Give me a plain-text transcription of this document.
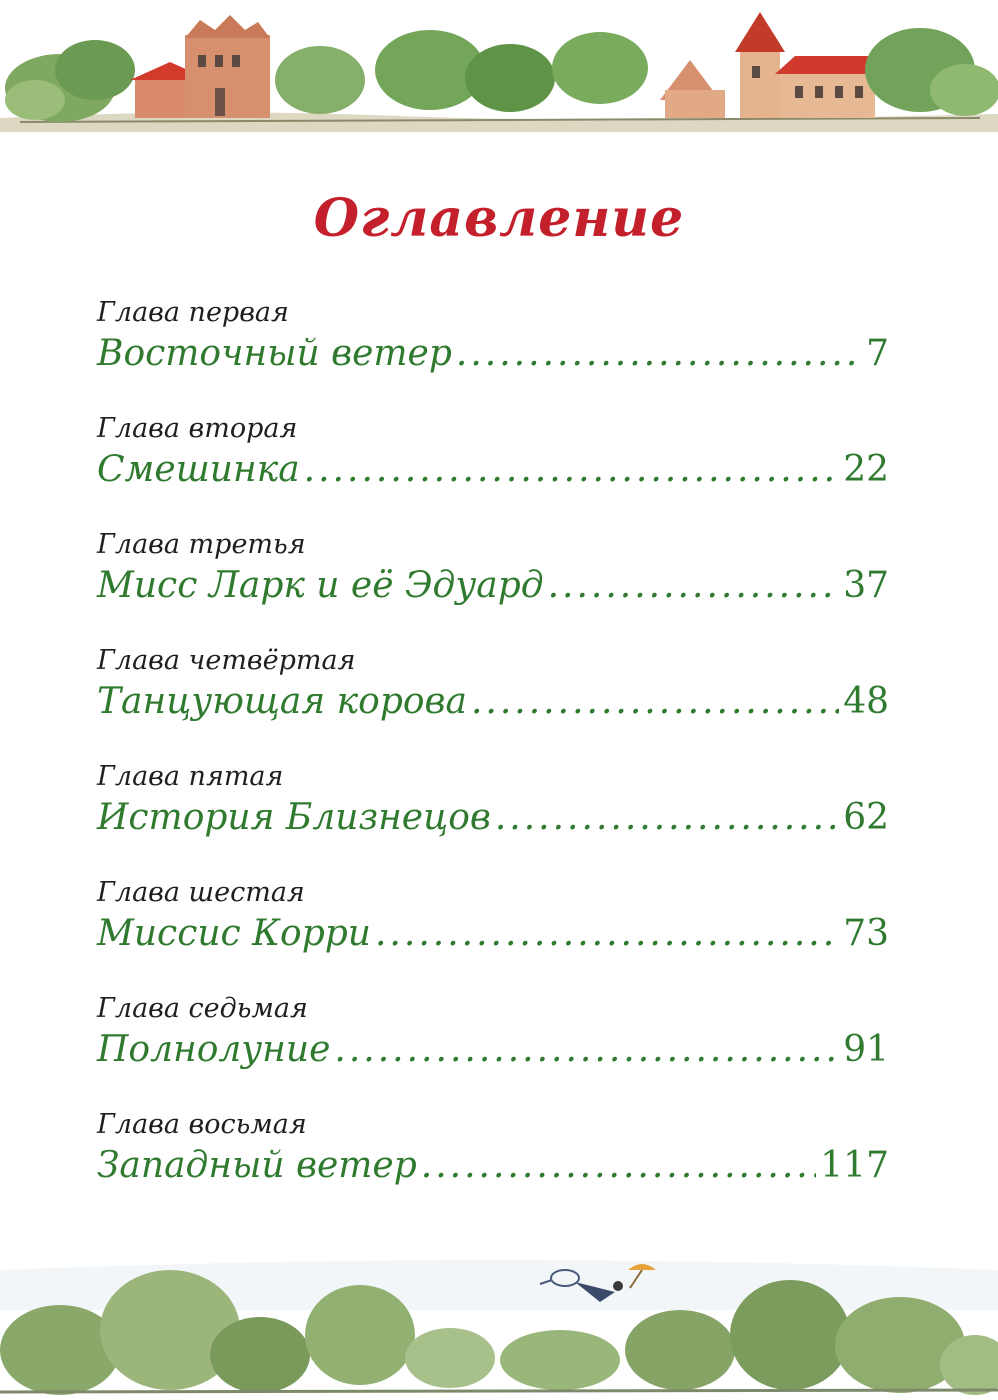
Оглавление
Глава первая
Восточный ветер .....	7
Глава вторая
Смешинка .....	22
Глава третья
Мисс Ларк и её Эдуард .....	37
Глава четвёртая
Танцующая корова .....	48
Глава пятая
История Близнецов .....	62
Глава шестая
Миссис Корри .....	73
Глава седьмая
Полнолуние .....	91
Глава восьмая
Западный ветер .....	117
